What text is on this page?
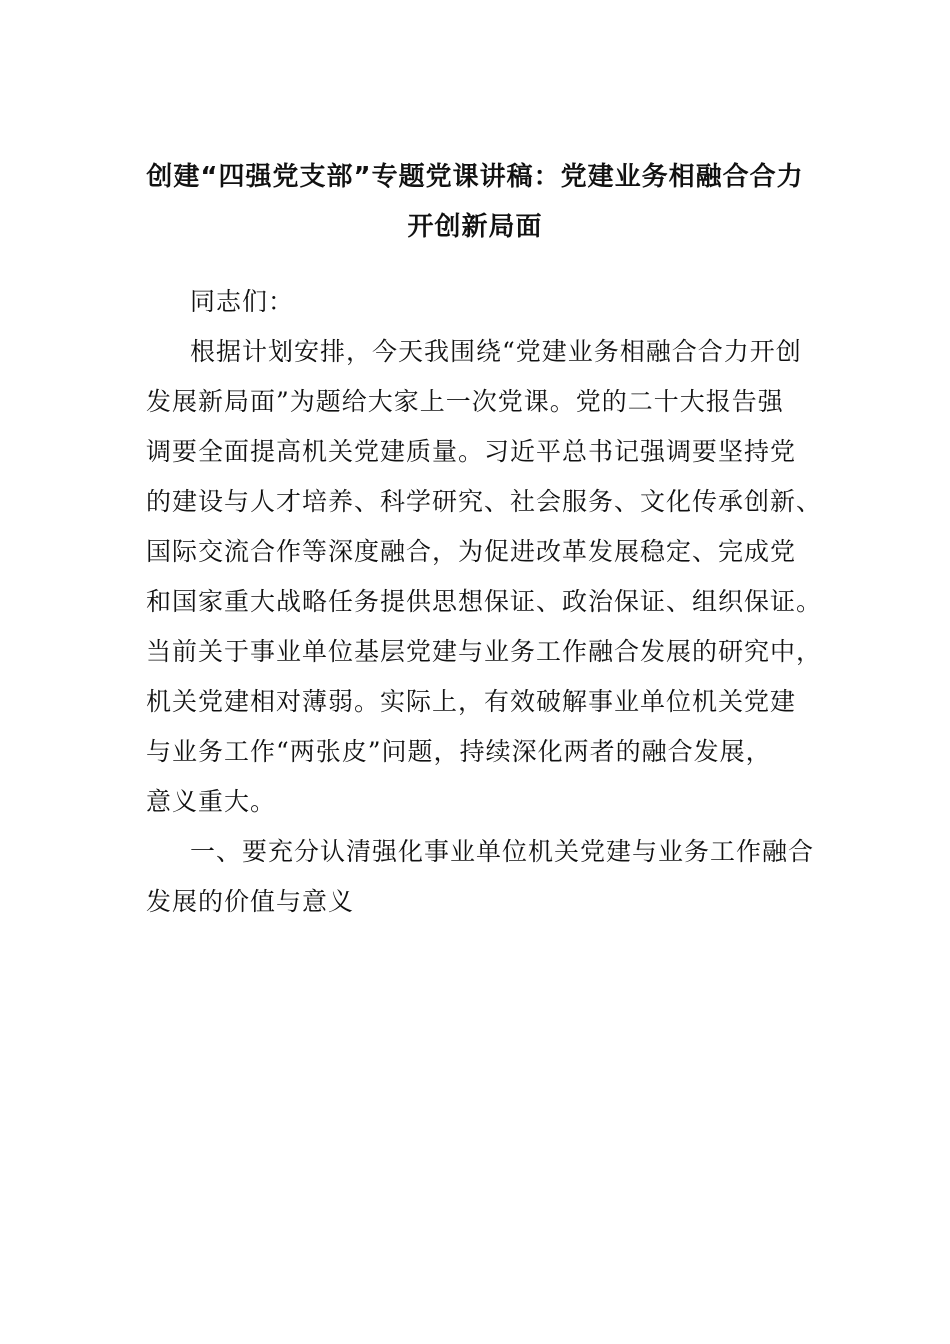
创建“四强党支部”专题党课讲稿：党建业务相融合合力
开创新局面
同志们：
根据计划安排，今天我围绕“党建业务相融合合力开创
发展新局面”为题给大家上一次党课。党的二十大报告强
调要全面提高机关党建质量。习近平总书记强调要坚持党
的建设与人才培养、科学研究、社会服务、文化传承创新、
国际交流合作等深度融合，为促进改革发展稳定、完成党
和国家重大战略任务提供思想保证、政治保证、组织保证。
当前关于事业单位基层党建与业务工作融合发展的研究中，
机关党建相对薄弱。实际上，有效破解事业单位机关党建
与业务工作“两张皮”问题，持续深化两者的融合发展，
意义重大。
一、要充分认清强化事业单位机关党建与业务工作融合
发展的价值与意义
